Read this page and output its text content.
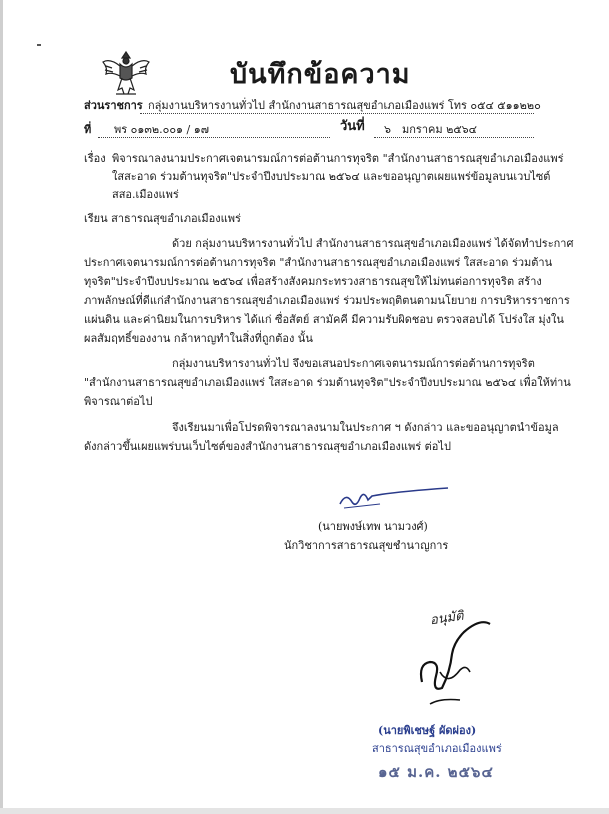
บันทึกข้อความ
ส่วนราชการ กลุ่มงานบริหารงานทั่วไป สำนักงานสาธารณสุขอำเภอเมืองแพร่ โทร ๐๕๔ ๕๑๑๒๒๐
ที่ พร ๐๑๓๒.๐๐๑ / ๑๗	วันที่ ๖ มกราคม ๒๕๖๔
เรื่อง พิจารณาลงนามประกาศเจตนารมณ์การต่อต้านการทุจริต "สำนักงานสาธารณสุขอำเภอเมืองแพร่
ใสสะอาด ร่วมต้านทุจริต"ประจำปีงบประมาณ ๒๕๖๔ และขออนุญาตเผยแพร่ข้อมูลบนเวบไซต์
สสอ.เมืองแพร่
เรียน สาธารณสุขอำเภอเมืองแพร่
ด้วย กลุ่มงานบริหารงานทั่วไป สำนักงานสาธารณสุขอำเภอเมืองแพร่ ได้จัดทำประกาศ
ประกาศเจตนารมณ์การต่อต้านการทุจริต "สำนักงานสาธารณสุขอำเภอเมืองแพร่ ใสสะอาด ร่วมต้าน
ทุจริต"ประจำปีงบประมาณ ๒๕๖๔ เพื่อสร้างสังคมกระทรวงสาธารณสุขให้ไม่ทนต่อการทุจริต สร้าง
ภาพลักษณ์ที่ดีแก่สำนักงานสาธารณสุขอำเภอเมืองแพร่ ร่วมประพฤติตนตามนโยบาย การบริหารราชการ
แผ่นดิน และค่านิยมในการบริหาร ได้แก่ ซื่อสัตย์ สามัคคี มีความรับผิดชอบ ตรวจสอบได้ โปร่งใส มุ่งใน
ผลสัมฤทธิ์ของงาน กล้าหาญทำในสิ่งที่ถูกต้อง นั้น
กลุ่มงานบริหารงานทั่วไป จึงขอเสนอประกาศเจตนารมณ์การต่อต้านการทุจริต
"สำนักงานสาธารณสุขอำเภอเมืองแพร่ ใสสะอาด ร่วมต้านทุจริต"ประจำปีงบประมาณ ๒๕๖๔ เพื่อให้ท่าน
พิจารณาต่อไป
จึงเรียนมาเพื่อโปรดพิจารณาลงนามในประกาศ ฯ ดังกล่าว และขออนุญาตนำข้อมูล
ดังกล่าวขึ้นเผยแพร่บนเว็บไซต์ของสำนักงานสาธารณสุขอำเภอเมืองแพร่ ต่อไป
(นายพงษ์เทพ นามวงศ์)
นักวิชาการสาธารณสุขชำนาญการ
อนุมัติ
(นายพิเชษฐ์ ผัดผ่อง)
สาธารณสุขอำเภอเมืองแพร่
๑๕ ม.ค. ๒๕๖๔
